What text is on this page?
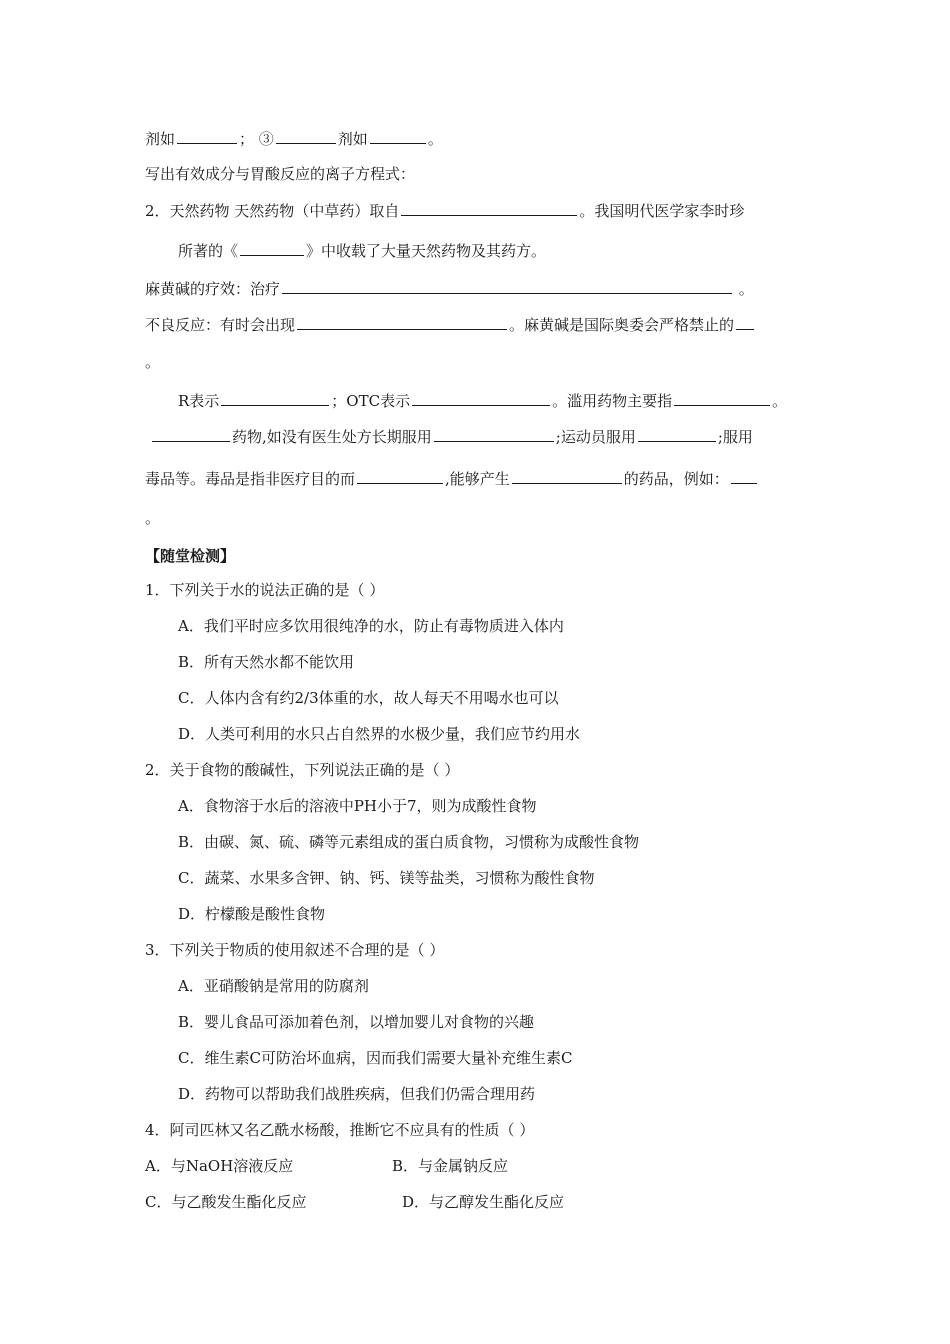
剂如	； ③	剂如	。
写出有效成分与胃酸反应的离子方程式：
2．天然药物 天然药物（中草药）取自	。我国明代医学家李时珍
所著的《	》中收载了大量天然药物及其药方。
麻黄碱的疗效：治疗	。
不良反应：有时会出现	。麻黄碱是国际奥委会严格禁止的
。
R表示	；OTC表示	。滥用药物主要指	。
药物,如没有医生处方长期服用	;运动员服用	;服用
毒品等。毒品是指非医疗目的而	,能够产生	的药品，例如：
。
【随堂检测】
1．下列关于水的说法正确的是（ ）
A．我们平时应多饮用很纯净的水，防止有毒物质进入体内
B．所有天然水都不能饮用
C．人体内含有约2/3体重的水，故人每天不用喝水也可以
D．人类可利用的水只占自然界的水极少量，我们应节约用水
2．关于食物的酸碱性，下列说法正确的是（ ）
A．食物溶于水后的溶液中PH小于7，则为成酸性食物
B．由碳、氮、硫、磷等元素组成的蛋白质食物，习惯称为成酸性食物
C．蔬菜、水果多含钾、钠、钙、镁等盐类，习惯称为酸性食物
D．柠檬酸是酸性食物
3．下列关于物质的使用叙述不合理的是（ ）
A．亚硝酸钠是常用的防腐剂
B．婴儿食品可添加着色剂，以增加婴儿对食物的兴趣
C．维生素C可防治坏血病，因而我们需要大量补充维生素C
D．药物可以帮助我们战胜疾病，但我们仍需合理用药
4．阿司匹林又名乙酰水杨酸，推断它不应具有的性质（ ）
A．与NaOH溶液反应	B．与金属钠反应
C．与乙酸发生酯化反应	D．与乙醇发生酯化反应
